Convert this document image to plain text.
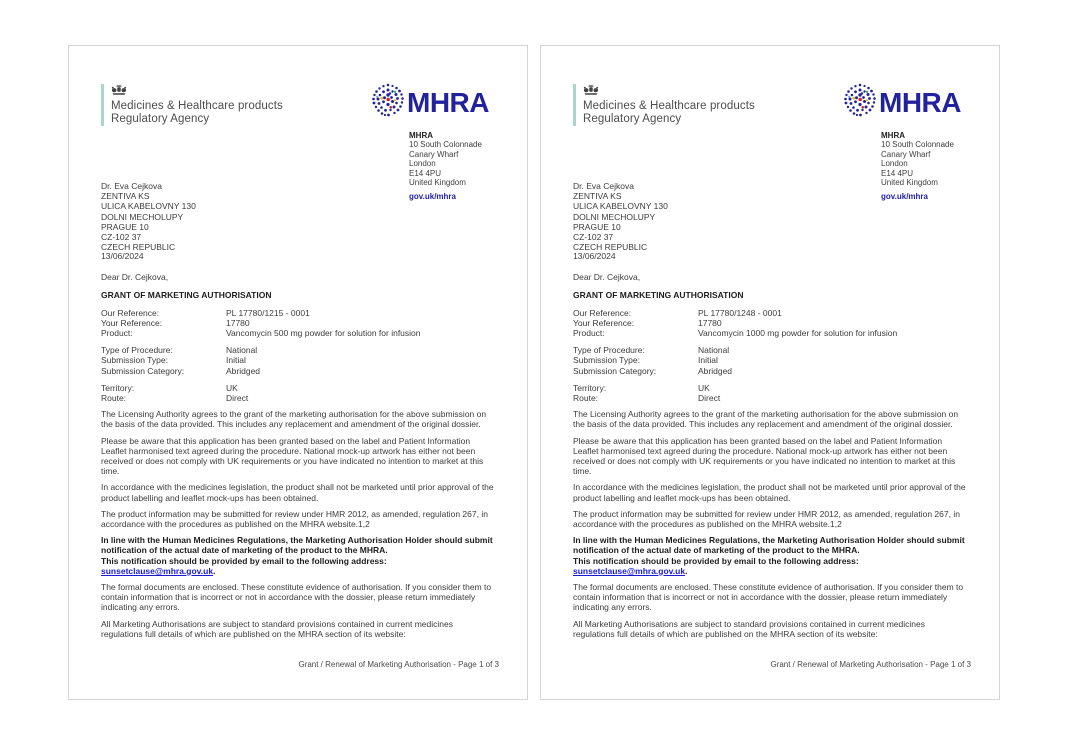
Medicines & Healthcare products
Regulatory Agency
MHRA
MHRA
10 South Colonnade
Canary Wharf
London
E14 4PU
United Kingdom
gov.uk/mhra
Dr. Eva Cejkova
ZENTIVA KS
ULICA KABELOVNY 130
DOLNI MECHOLUPY
PRAGUE 10
CZ-102 37
CZECH REPUBLIC
13/06/2024
Dear Dr. Cejkova,
GRANT OF MARKETING AUTHORISATION
Our Reference:	PL 17780/1215 - 0001
Your Reference:	17780
Product:	Vancomycin 500 mg powder for solution for infusion
Type of Procedure:	National
Submission Type:	Initial
Submission Category:	Abridged
Territory:	UK
Route:	Direct

The Licensing Authority agrees to the grant of the marketing authorisation for the above submission on the basis of the data provided. This includes any replacement and amendment of the original dossier.

Please be aware that this application has been granted based on the label and Patient Information Leaflet harmonised text agreed during the procedure. National mock-up artwork has either not been received or does not comply with UK requirements or you have indicated no intention to market at this time.

In accordance with the medicines legislation, the product shall not be marketed until prior approval of the product labelling and leaflet mock-ups has been obtained.

The product information may be submitted for review under HMR 2012, as amended, regulation 267, in accordance with the procedures as published on the MHRA website.1,2

In line with the Human Medicines Regulations, the Marketing Authorisation Holder should submit notification of the actual date of marketing of the product to the MHRA.
This notification should be provided by email to the following address: sunsetclause@mhra.gov.uk.

The formal documents are enclosed. These constitute evidence of authorisation. If you consider them to contain information that is incorrect or not in accordance with the dossier, please return immediately indicating any errors.

All Marketing Authorisations are subject to standard provisions contained in current medicines regulations full details of which are published on the MHRA section of its website:

Grant / Renewal of Marketing Authorisation - Page 1 of 3
Medicines & Healthcare products
Regulatory Agency
MHRA
MHRA
10 South Colonnade
Canary Wharf
London
E14 4PU
United Kingdom
gov.uk/mhra
Dr. Eva Cejkova
ZENTIVA KS
ULICA KABELOVNY 130
DOLNI MECHOLUPY
PRAGUE 10
CZ-102 37
CZECH REPUBLIC
13/06/2024
Dear Dr. Cejkova,
GRANT OF MARKETING AUTHORISATION
Our Reference:	PL 17780/1248 - 0001
Your Reference:	17780
Product:	Vancomycin 1000 mg powder for solution for infusion
Type of Procedure:	National
Submission Type:	Initial
Submission Category:	Abridged
Territory:	UK
Route:	Direct

The Licensing Authority agrees to the grant of the marketing authorisation for the above submission on the basis of the data provided. This includes any replacement and amendment of the original dossier.

Please be aware that this application has been granted based on the label and Patient Information Leaflet harmonised text agreed during the procedure. National mock-up artwork has either not been received or does not comply with UK requirements or you have indicated no intention to market at this time.

In accordance with the medicines legislation, the product shall not be marketed until prior approval of the product labelling and leaflet mock-ups has been obtained.

The product information may be submitted for review under HMR 2012, as amended, regulation 267, in accordance with the procedures as published on the MHRA website.1,2

In line with the Human Medicines Regulations, the Marketing Authorisation Holder should submit notification of the actual date of marketing of the product to the MHRA.
This notification should be provided by email to the following address: sunsetclause@mhra.gov.uk.

The formal documents are enclosed. These constitute evidence of authorisation. If you consider them to contain information that is incorrect or not in accordance with the dossier, please return immediately indicating any errors.

All Marketing Authorisations are subject to standard provisions contained in current medicines regulations full details of which are published on the MHRA section of its website:

Grant / Renewal of Marketing Authorisation - Page 1 of 3
